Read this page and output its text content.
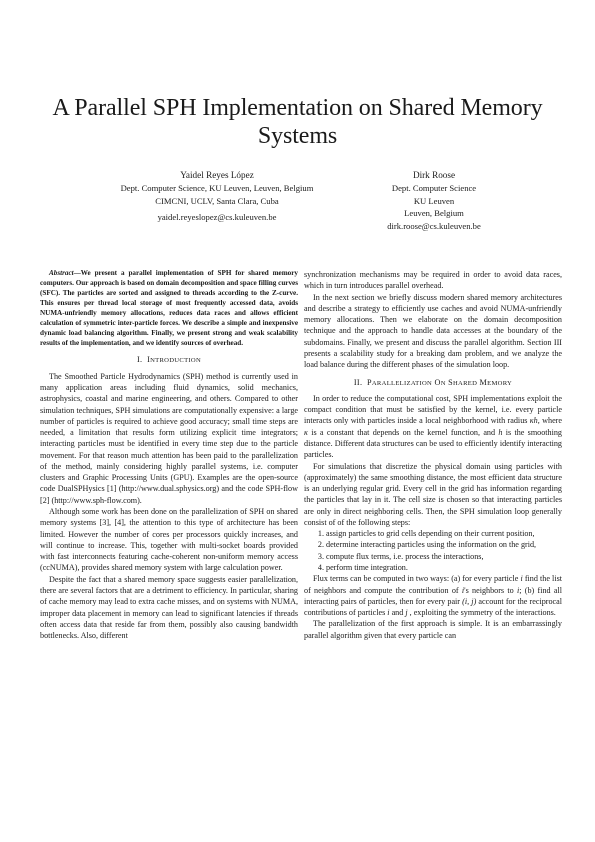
A Parallel SPH Implementation on Shared Memory Systems
Yaidel Reyes López
Dept. Computer Science, KU Leuven, Leuven, Belgium
CIMCNI, UCLV, Santa Clara, Cuba
yaidel.reyeslopez@cs.kuleuven.be
Dirk Roose
Dept. Computer Science
KU Leuven
Leuven, Belgium
dirk.roose@cs.kuleuven.be

Abstract—We present a parallel implementation of SPH for shared memory computers. Our approach is based on domain decomposition and space filling curves (SFC). The particles are sorted and assigned to threads according to the Z-curve. This ensures per thread local storage of most frequently accessed data, avoids NUMA-unfriendly memory allocations, reduces data races and allows efficient calculation of symmetric inter-particle forces. We describe a simple and inexpensive dynamic load balancing algorithm. Finally, we present strong and weak scalability results of the implementation, and we identify sources of overhead.

I. INTRODUCTION

The Smoothed Particle Hydrodynamics (SPH) method is currently used in many application areas including fluid dynamics, solid mechanics, astrophysics, coastal and marine engineering, and others. Compared to other simulation techniques, SPH simulations are computationally expensive: a large number of particles is required to achieve good accuracy; small time steps are needed, a limitation that results form utilizing explicit time integrators; interacting particles must be identified in every time step due to the particle movement. For that reason much attention has been paid to the parallelization of the method, mainly considering highly parallel systems, i.e. computer clusters and Graphic Processing Units (GPU). Examples are the open-source code DualSPHysics [1] (http://www.dual.sphysics.org) and the code SPH-flow [2] (http://www.sph-flow.com).

Although some work has been done on the parallelization of SPH on shared memory systems [3], [4], the attention to this type of architecture has been limited. However the number of cores per processors quickly increases, and will continue to increase. This, together with multi-socket boards provided with fast interconnects featuring cache-coherent non-uniform memory access (ccNUMA), provides shared memory system with large calculation power.

Despite the fact that a shared memory space suggests easier parallelization, there are several factors that are a detriment to efficiency. In particular, sharing of cache memory may lead to extra cache misses, and on systems with NUMA, improper data placement in memory can lead to significant latencies if threads often access data that reside far from them, possibly also causing bandwidth bottlenecks. Also, different

synchronization mechanisms may be required in order to avoid data races, which in turn introduces parallel overhead.

In the next section we briefly discuss modern shared memory architectures and describe a strategy to efficiently use caches and avoid NUMA-unfriendly memory allocations. Then we elaborate on the domain decomposition technique and the approach to handle data accesses at the boundary of the subdomains. Finally, we present and discuss the parallel algorithm. Section III presents a scalability study for a breaking dam problem, and we analyze the load balance during the different phases of the simulation loop.

II. PARALLELIZATION ON SHARED MEMORY

In order to reduce the computational cost, SPH implementations exploit the compact condition that must be satisfied by the kernel, i.e. every particle interacts only with particles inside a local neighborhood with radius κh, where κ is a constant that depends on the kernel function, and h is the smoothing distance. Different data structures can be used to efficiently identify interacting particles.

For simulations that discretize the physical domain using particles with (approximately) the same smoothing distance, the most efficient data structure is an underlying regular grid. Every cell in the grid has information regarding the particles that lay in it. The cell size is chosen so that interacting particles are only in direct neighboring cells. Then, the SPH simulation loop generally consist of of the following steps:

1. assign particles to grid cells depending on their current position,
2. determine interacting particles using the information on the grid,
3. compute flux terms, i.e. process the interactions,
4. perform time integration.

Flux terms can be computed in two ways: (a) for every particle i find the list of neighbors and compute the contribution of i's neighbors to i; (b) find all interacting pairs of particles, then for every pair (i, j) account for the reciprocal contributions of particles i and j , exploiting the symmetry of the interactions.

The parallelization of the first approach is simple. It is an embarrassingly parallel algorithm given that every particle can
